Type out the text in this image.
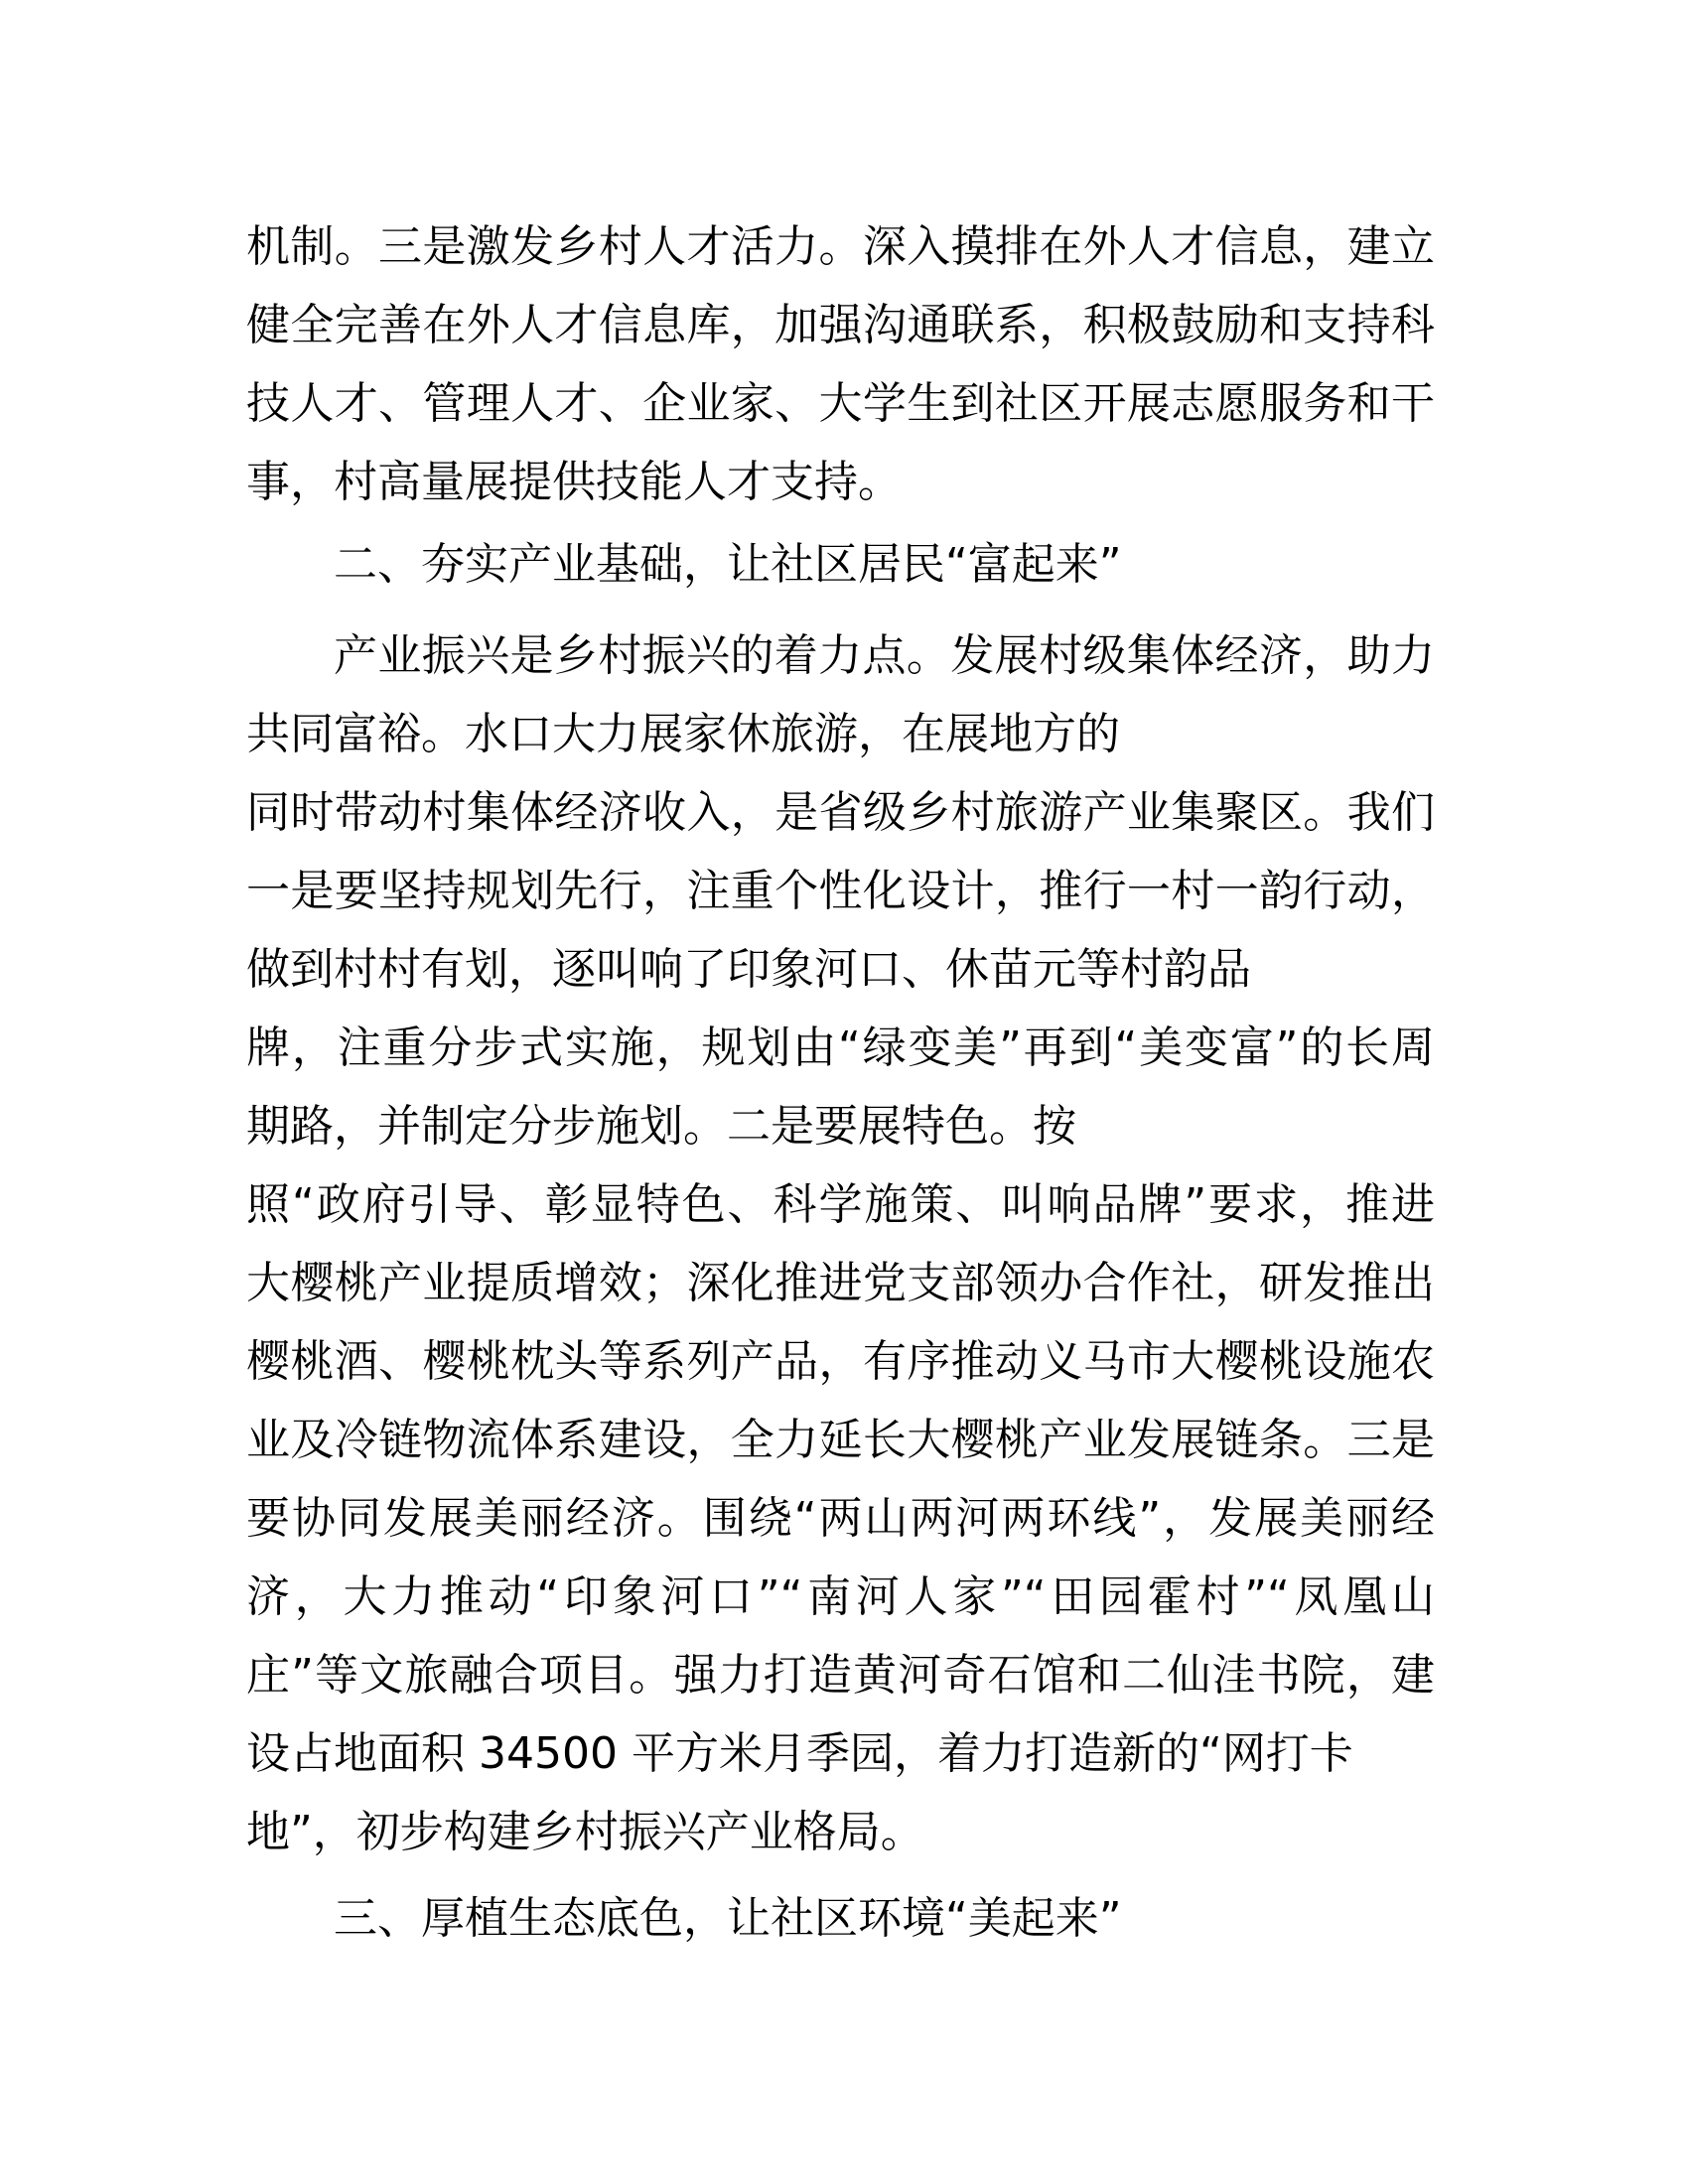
机制。三是激发乡村人才活力。深入摸排在外人才信息，建立
健全完善在外人才信息库，加强沟通联系，积极鼓励和支持科
技人才、管理人才、企业家、大学生到社区开展志愿服务和干
事，村高量展提供技能人才支持。
二、夯实产业基础，让社区居民“富起来”
产业振兴是乡村振兴的着力点。发展村级集体经济，助力
共同富裕。水口大力展家休旅游，在展地方的
同时带动村集体经济收入，是省级乡村旅游产业集聚区。我们
一是要坚持规划先行，注重个性化设计，推行一村一韵行动，
做到村村有划，逐叫响了印象河口、休苗元等村韵品
牌，注重分步式实施，规划由“绿变美”再到“美变富”的长周
期路，并制定分步施划。二是要展特色。按
照“政府引导、彰显特色、科学施策、叫响品牌”要求，推进
大樱桃产业提质增效；深化推进党支部领办合作社，研发推出
樱桃酒、樱桃枕头等系列产品，有序推动义马市大樱桃设施农
业及冷链物流体系建设，全力延长大樱桃产业发展链条。三是
要协同发展美丽经济。围绕“两山两河两环线”，发展美丽经
济，大力推动“印象河口”“南河人家”“田园霍村”“凤凰山
庄”等文旅融合项目。强力打造黄河奇石馆和二仙洼书院，建
设占地面积 34500 平方米月季园，着力打造新的“网打卡
地”，初步构建乡村振兴产业格局。
三、厚植生态底色，让社区环境“美起来”
